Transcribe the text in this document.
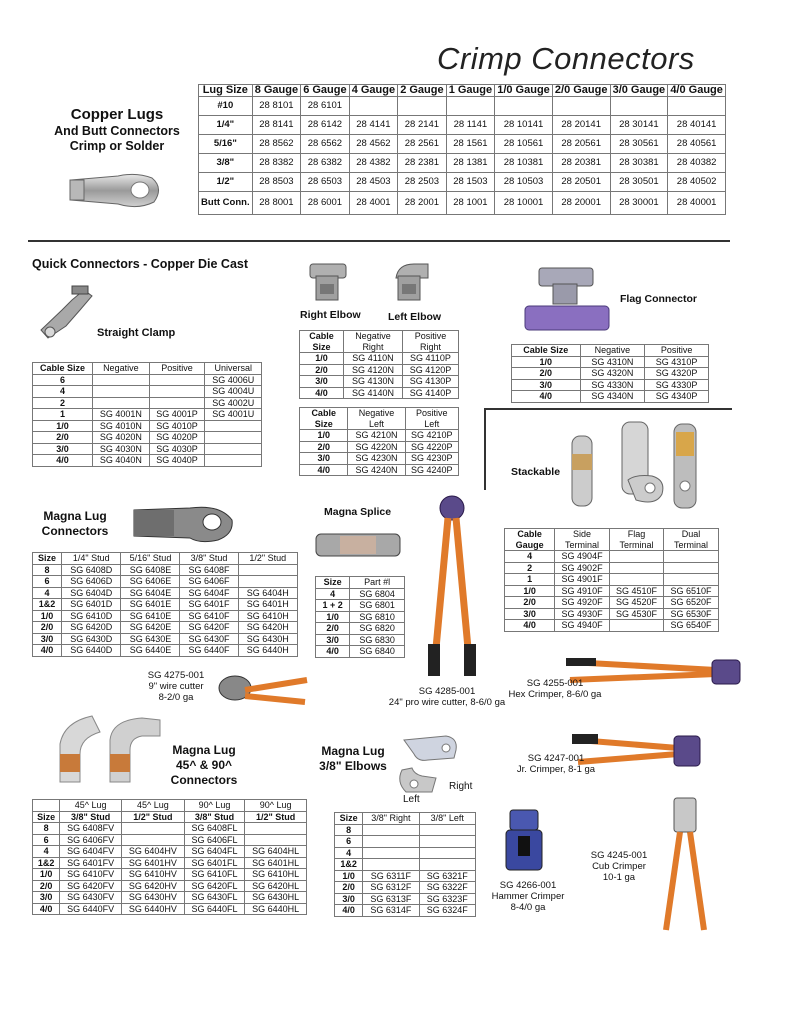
Crimp Connectors
Copper Lugs
And Butt Connectors
Crimp or Solder
Lug Size	8 Gauge	6 Gauge	4 Gauge	2 Gauge	1 Gauge	1/0 Gauge	2/0 Gauge	3/0 Gauge	4/0 Gauge
#10	28 8101	28 6101							
1/4"	28 8141	28 6142	28 4141	28 2141	28 1141	28 10141	28 20141	28 30141	28 40141
5/16"	28 8562	28 6562	28 4562	28 2561	28 1561	28 10561	28 20561	28 30561	28 40561
3/8"	28 8382	28 6382	28 4382	28 2381	28 1381	28 10381	28 20381	28 30381	28 40382
1/2"	28 8503	28 6503	28 4503	28 2503	28 1503	28 10503	28 20501	28 30501	28 40502
Butt Conn.	28 8001	28 6001	28 4001	28 2001	28 1001	28 10001	28 20001	28 30001	28 40001
Quick Connectors - Copper Die Cast
Straight Clamp
Cable Size	Negative	Positive	Universal
6			SG 4006U
4			SG 4004U
2			SG 4002U
1	SG 4001N	SG 4001P	SG 4001U
1/0	SG 4010N	SG 4010P	
2/0	SG 4020N	SG 4020P	
3/0	SG 4030N	SG 4030P	
4/0	SG 4040N	SG 4040P	
Right Elbow	Left Elbow
Cable Size	Negative Right	Positive Right
1/0	SG 4110N	SG 4110P
2/0	SG 4120N	SG 4120P
3/0	SG 4130N	SG 4130P
4/0	SG 4140N	SG 4140P
Cable Size	Negative Left	Positive Left
1/0	SG 4210N	SG 4210P
2/0	SG 4220N	SG 4220P
3/0	SG 4230N	SG 4230P
4/0	SG 4240N	SG 4240P
Flag Connector
Cable Size	Negative	Positive
1/0	SG 4310N	SG 4310P
2/0	SG 4320N	SG 4320P
3/0	SG 4330N	SG 4330P
4/0	SG 4340N	SG 4340P
Stackable
Cable Gauge	Side Terminal	Flag Terminal	Dual Terminal
4	SG 4904F		
2	SG 4902F		
1	SG 4901F		
1/0	SG 4910F	SG 4510F	SG 6510F
2/0	SG 4920F	SG 4520F	SG 6520F
3/0	SG 4930F	SG 4530F	SG 6530F
4/0	SG 4940F		SG 6540F
Magna Lug
Connectors
Size	1/4" Stud	5/16" Stud	3/8" Stud	1/2" Stud
8	SG 6408D	SG 6408E	SG 6408F	
6	SG 6406D	SG 6406E	SG 6406F	
4	SG 6404D	SG 6404E	SG 6404F	SG 6404H
1&2	SG 6401D	SG 6401E	SG 6401F	SG 6401H
1/0	SG 6410D	SG 6410E	SG 6410F	SG 6410H
2/0	SG 6420D	SG 6420E	SG 6420F	SG 6420H
3/0	SG 6430D	SG 6430E	SG 6430F	SG 6430H
4/0	SG 6440D	SG 6440E	SG 6440F	SG 6440H
Magna Splice
Size	Part #l
4	SG 6804
1 + 2	SG 6801
1/0	SG 6810
2/0	SG 6820
3/0	SG 6830
4/0	SG 6840
SG 4285-001
24" pro wire cutter, 8-6/0 ga
SG 4255-001
Hex Crimper, 8-6/0 ga
SG 4247-001
Jr. Crimper, 8-1 ga
SG 4275-001
9" wire cutter
8-2/0 ga
Magna Lug
45^ & 90^
Connectors
	45^ Lug	45^ Lug	90^ Lug	90^ Lug
Size	3/8" Stud	1/2" Stud	3/8" Stud	1/2" Stud
8	SG 6408FV		SG 6408FL	
6	SG 6406FV		SG 6406FL	
4	SG 6404FV	SG 6404HV	SG 6404FL	SG 6404HL
1&2	SG 6401FV	SG 6401HV	SG 6401FL	SG 6401HL
1/0	SG 6410FV	SG 6410HV	SG 6410FL	SG 6410HL
2/0	SG 6420FV	SG 6420HV	SG 6420FL	SG 6420HL
3/0	SG 6430FV	SG 6430HV	SG 6430FL	SG 6430HL
4/0	SG 6440FV	SG 6440HV	SG 6440FL	SG 6440HL
Magna Lug
3/8" Elbows
Right
Left
Size	3/8" Right	3/8" Left
8		
6		
4		
1&2		
1/0	SG 6311F	SG 6321F
2/0	SG 6312F	SG 6322F
3/0	SG 6313F	SG 6323F
4/0	SG 6314F	SG 6324F
SG 4266-001
Hammer Crimper
8-4/0 ga
SG 4245-001
Cub Crimper
10-1 ga
